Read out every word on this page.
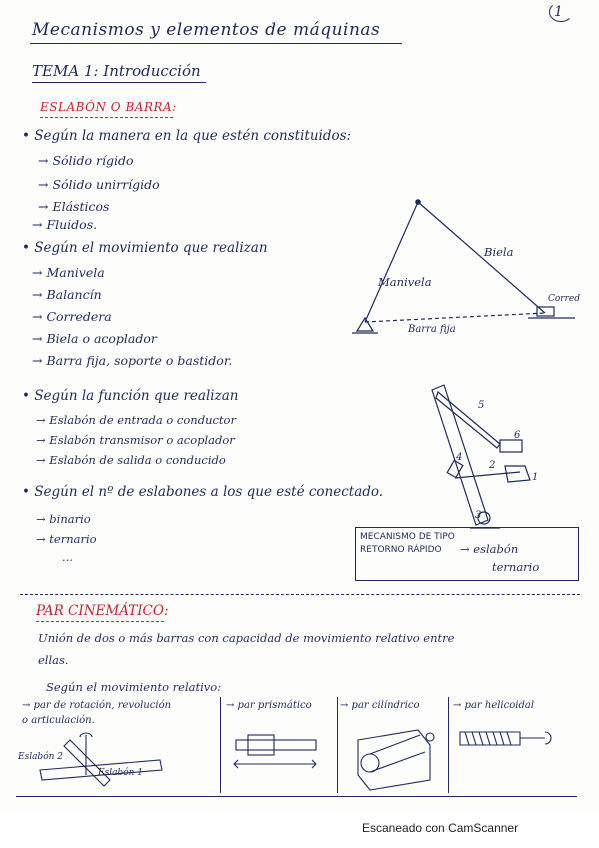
1
Mecanismos y elementos de máquinas
TEMA 1: Introducción
ESLABÓN O BARRA:
• Según la manera en la que estén constituidos:
→ Sólido rígido
→ Sólido unirrígido
→ Elásticos
→ Fluidos.
• Según el movimiento que realizan
→ Manivela
→ Balancín
→ Corredera
→ Biela o acoplador
→ Barra fija, soporte o bastidor.
• Según la función que realizan
→ Eslabón de entrada o conductor
→ Eslabón transmisor o acoplador
→ Eslabón de salida o conducido
• Según el nº de eslabones a los que esté conectado.
→ binario
→ ternario
...
Biela
Manivela
Corred
Barra fija
5
6
4
2
1
3
MECANISMO DE TIPO
RETORNO RÁPIDO → eslabón
ternario
PAR CINEMÁTICO:
Unión de dos o más barras con capacidad de movimiento relativo entre
ellas.
Según el movimiento relativo:
→ par de rotación, revolución
o articulación.
→ par prismático	→ par cilíndrico	→ par helicoidal
Eslabón 2
Eslabón 1
Escaneado con CamScanner
